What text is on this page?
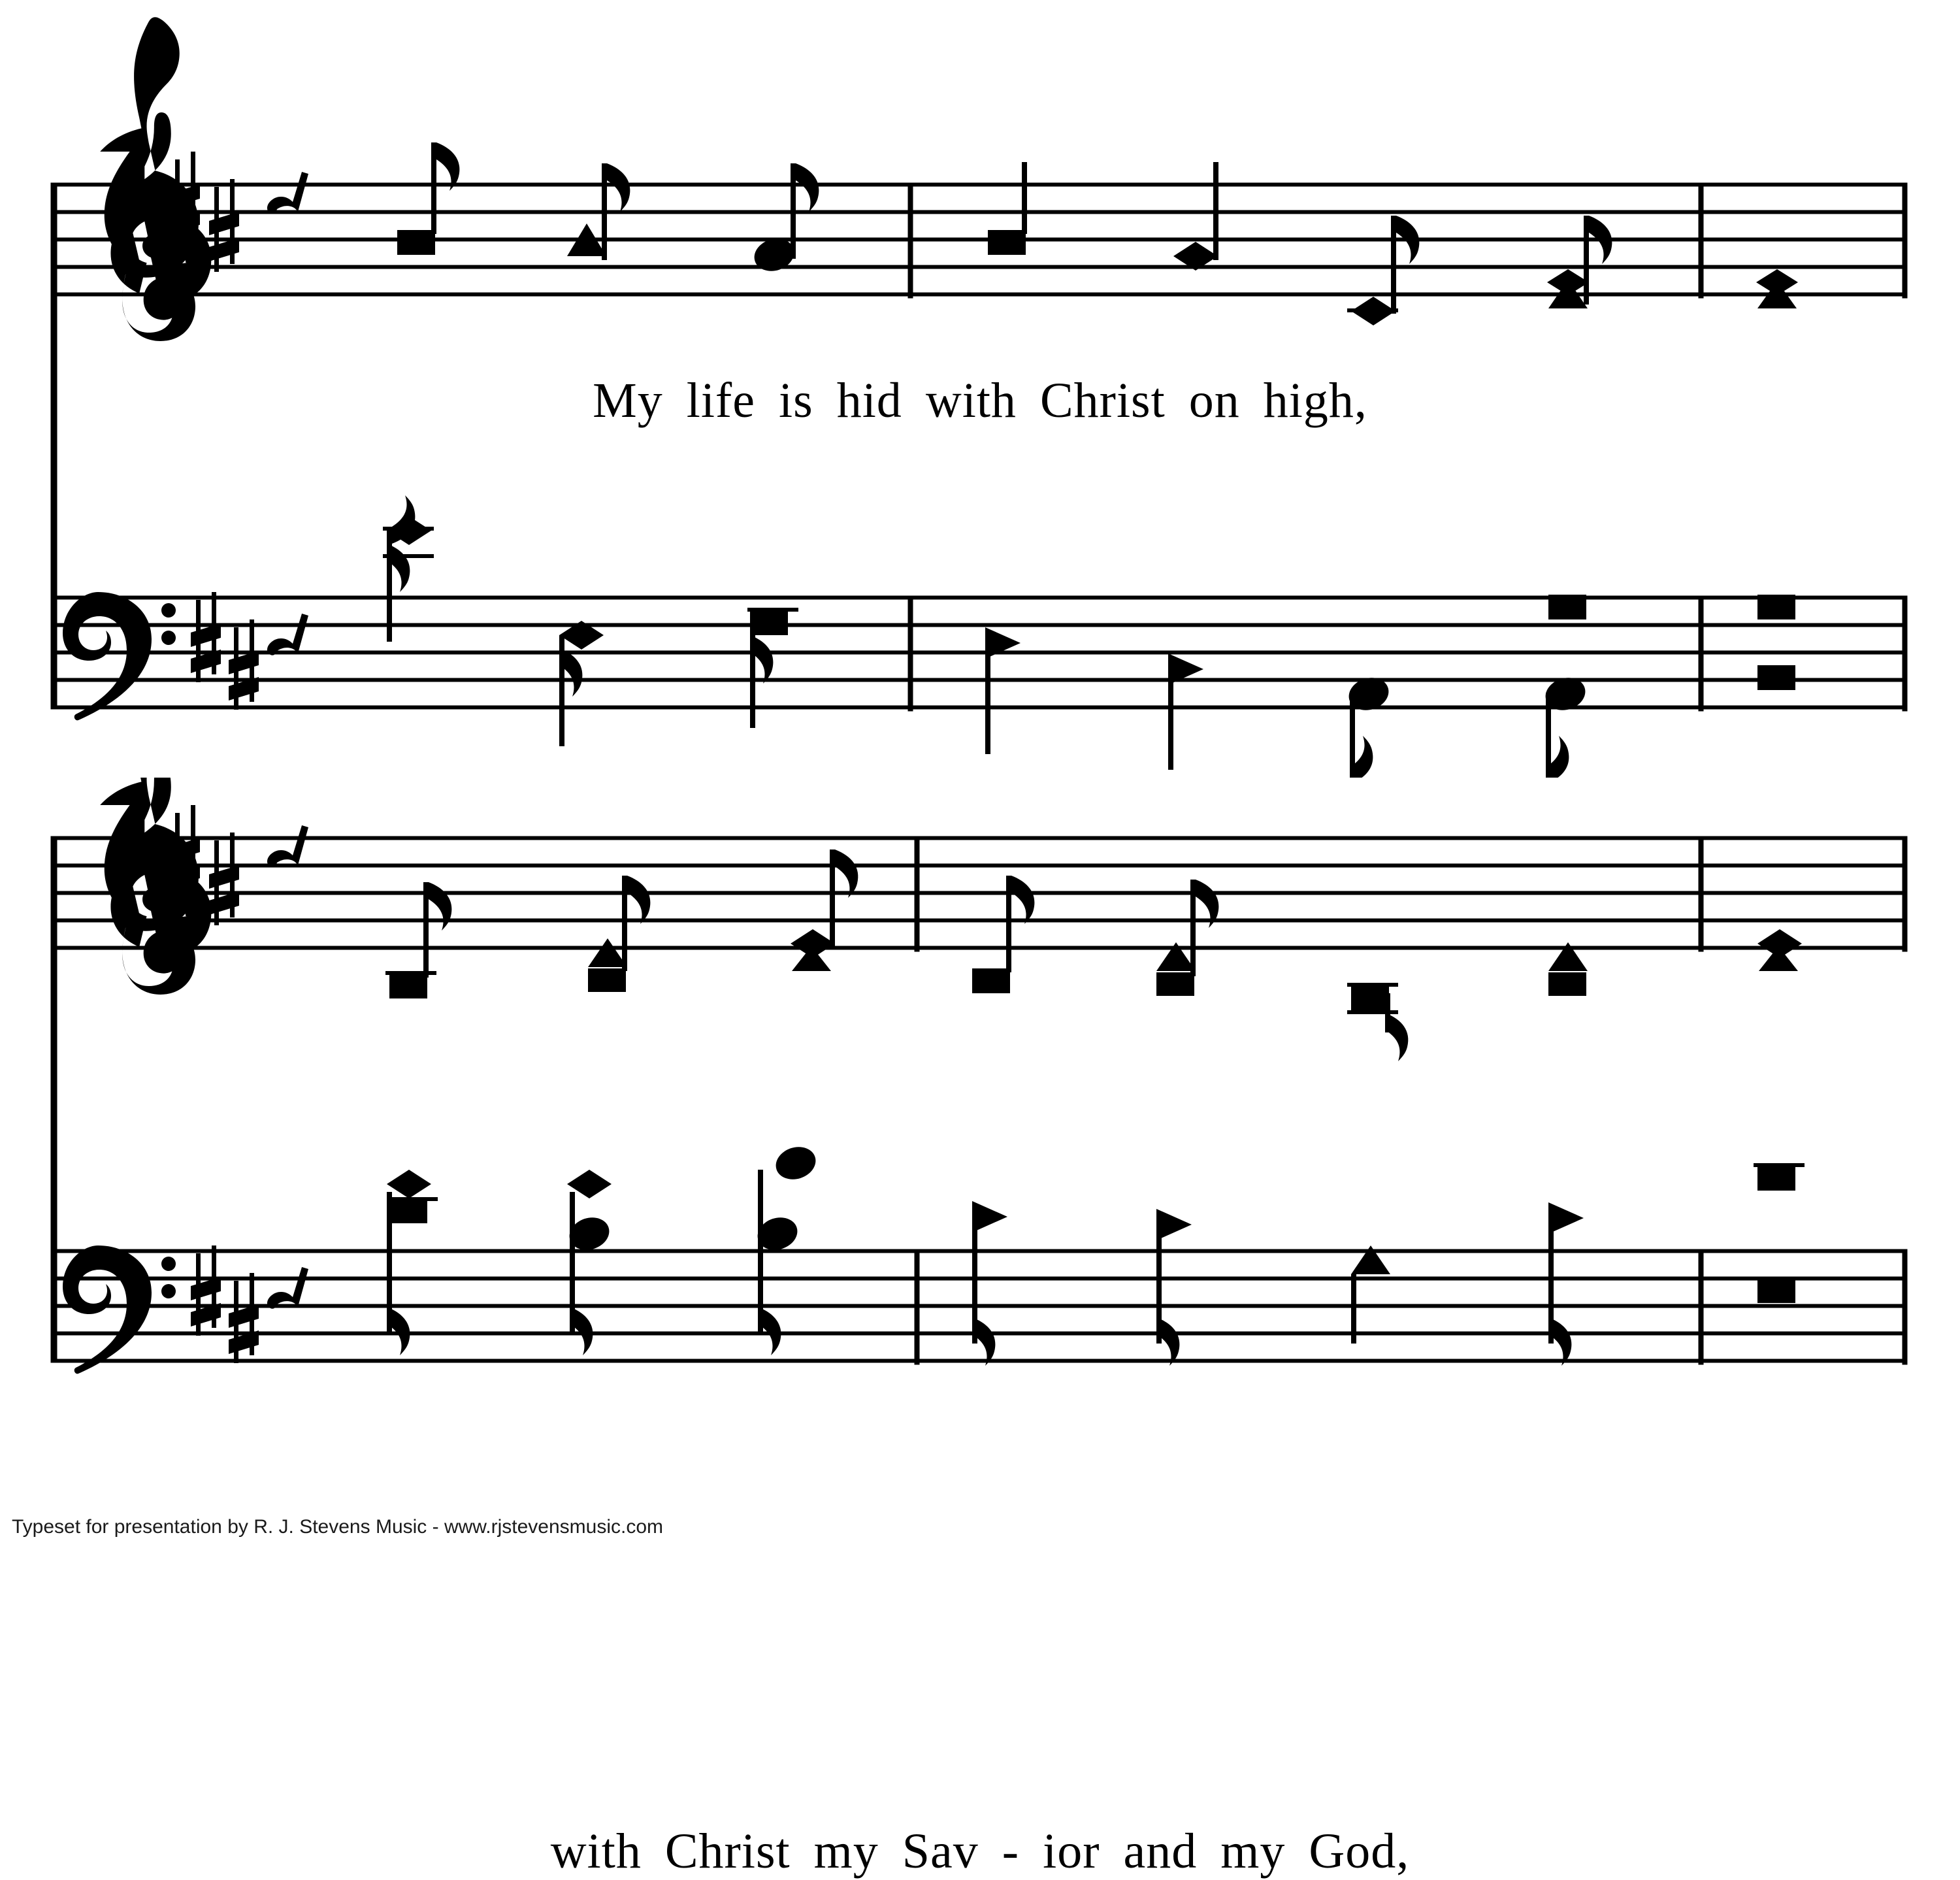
My life is hid with Christ on high,
with Christ my Sav - ior and my God,
Typeset for presentation by R. J. Stevens Music - www.rjstevensmusic.com
